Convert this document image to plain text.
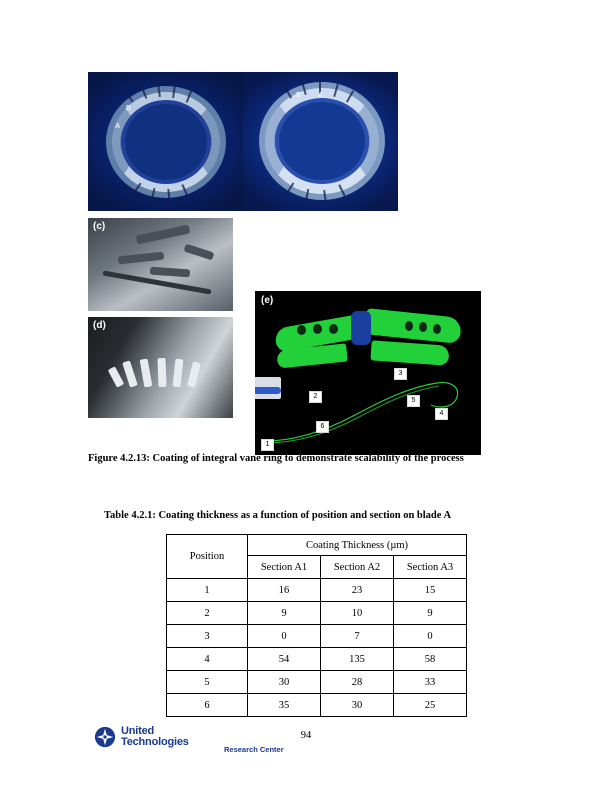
B
A
B A
(c)
(d)
(e)
3
4
5
2
6
1
Figure 4.2.13: Coating of integral vane ring to demonstrate scalability of the process
Table 4.2.1: Coating thickness as a function of position and section on blade A
Position	Coating Thickness (µm)		
	Section A1	Section A2	Section A3
1	16	23	15
2	9	10	9
3	0	7	0
4	54	135	58
5	30	28	33
6	35	30	25
94
United
Technologies
Research Center
